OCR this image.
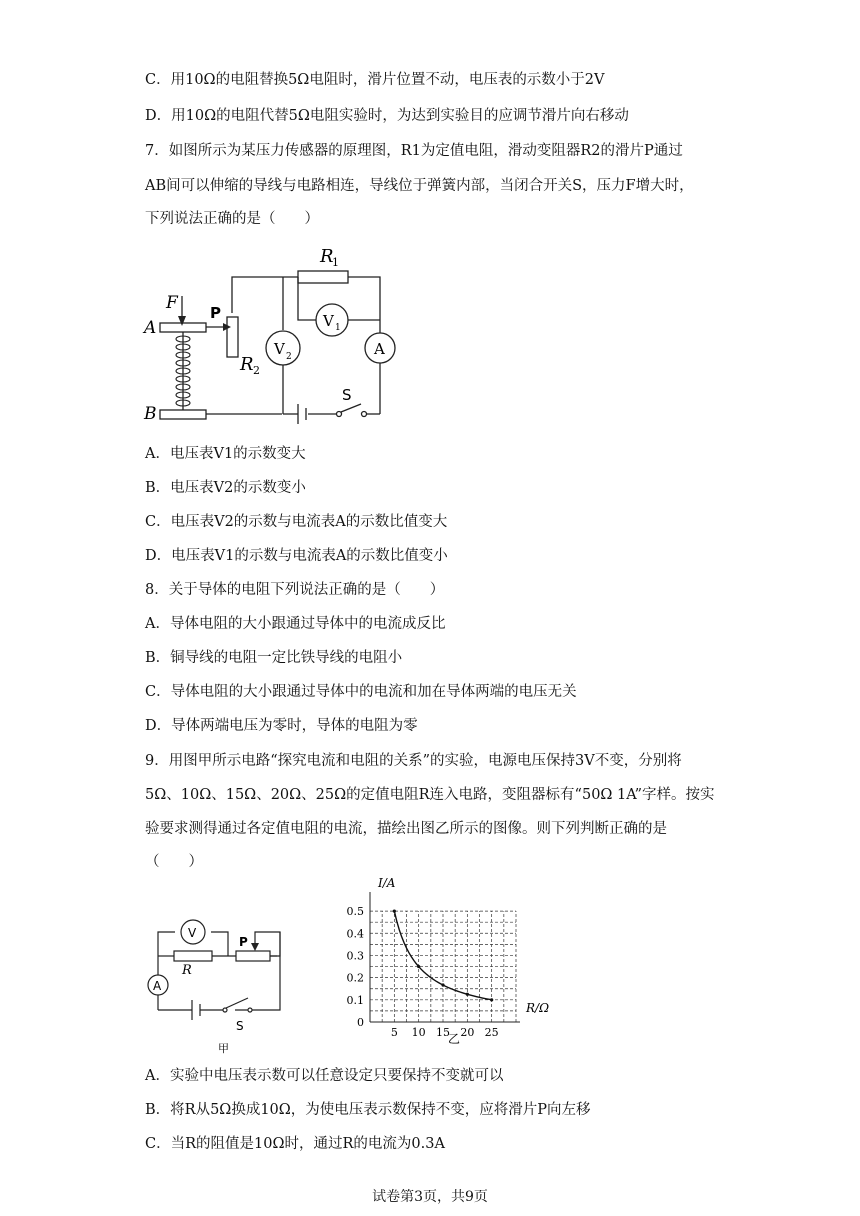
C．用10Ω的电阻替换5Ω电阻时，滑片位置不动，电压表的示数小于2V
D．用10Ω的电阻代替5Ω电阻实验时，为达到实验目的应调节滑片向右移动
7．如图所示为某压力传感器的原理图，R1为定值电阻，滑动变阻器R2的滑片P通过
AB间可以伸缩的导线与电路相连，导线位于弹簧内部，当闭合开关S，压力F增大时，
下列说法正确的是（　　）
R
1
F P
A
B
R 2
V 2
V 1
A
S
A．电压表V1的示数变大
B．电压表V2的示数变小
C．电压表V2的示数与电流表A的示数比值变大
D．电压表V1的示数与电流表A的示数比值变小
8．关于导体的电阻下列说法正确的是（　　）
A．导体电阻的大小跟通过导体中的电流成反比
B．铜导线的电阻一定比铁导线的电阻小
C．导体电阻的大小跟通过导体中的电流和加在导体两端的电压无关
D．导体两端电压为零时，导体的电阻为零
9．用图甲所示电路“探究电流和电阻的关系”的实验，电源电压保持3V不变，分别将
5Ω、10Ω、15Ω、20Ω、25Ω的定值电阻R连入电路，变阻器标有“50Ω 1A”字样。按实
验要求测得通过各定值电阻的电流，描绘出图乙所示的图像。则下列判断正确的是
（　　）
V
P
R
A
S
甲
0
0.1
0.2
0.3
0.4
0.5
5 10 15 20 25
I/A
R/Ω
乙
A．实验中电压表示数可以任意设定只要保持不变就可以
B．将R从5Ω换成10Ω，为使电压表示数保持不变，应将滑片P向左移
C．当R的阻值是10Ω时，通过R的电流为0.3A
试卷第3页，共9页
